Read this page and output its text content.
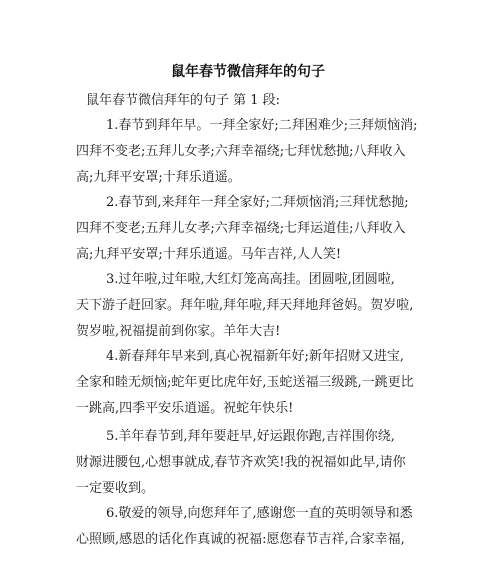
鼠年春节微信拜年的句子
鼠年春节微信拜年的句子 第 1 段:
1.春节到拜年早。一拜全家好;二拜困难少;三拜烦恼消;
四拜不变老;五拜儿女孝;六拜幸福绕;七拜忧愁抛;八拜收入
高;九拜平安罩;十拜乐逍遥。
2.春节到,来拜年一拜全家好;二拜烦恼消;三拜忧愁抛;
四拜不变老;五拜儿女孝;六拜幸福绕;七拜运道佳;八拜收入
高;九拜平安罩;十拜乐逍遥。马年吉祥,人人笑!
3.过年啦,过年啦,大红灯笼高高挂。团圆啦,团圆啦,
天下游子赶回家。拜年啦,拜年啦,拜天拜地拜爸妈。贺岁啦,
贺岁啦,祝福提前到你家。羊年大吉!
4.新春拜年早来到,真心祝福新年好;新年招财又进宝,
全家和睦无烦恼;蛇年更比虎年好,玉蛇送福三级跳,一跳更比
一跳高,四季平安乐逍遥。祝蛇年快乐!
5.羊年春节到,拜年要赶早,好运跟你跑,吉祥围你绕,
财源进腰包,心想事就成,春节齐欢笑!我的祝福如此早,请你
一定要收到。
6.敬爱的领导,向您拜年了,感谢您一直的英明领导和悉
心照顾,感恩的话化作真诚的祝福:愿您春节吉祥,合家幸福,
